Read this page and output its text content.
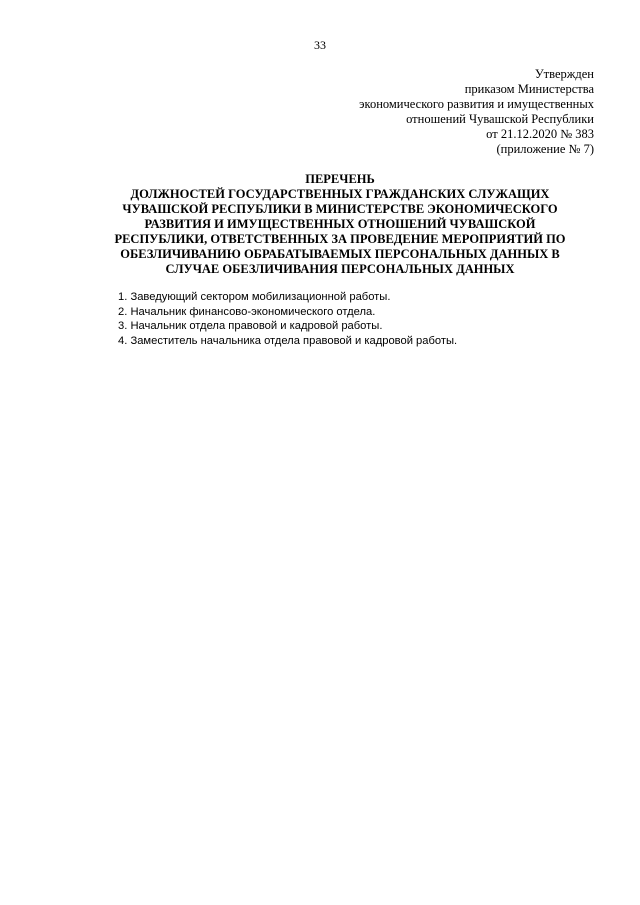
33
Утвержден
приказом Министерства
экономического развития и имущественных
отношений Чувашской Республики
от 21.12.2020 № 383
(приложение № 7)
ПЕРЕЧЕНЬ
ДОЛЖНОСТЕЙ ГОСУДАРСТВЕННЫХ ГРАЖДАНСКИХ СЛУЖАЩИХ
ЧУВАШСКОЙ РЕСПУБЛИКИ В МИНИСТЕРСТВЕ ЭКОНОМИЧЕСКОГО
РАЗВИТИЯ И ИМУЩЕСТВЕННЫХ ОТНОШЕНИЙ ЧУВАШСКОЙ
РЕСПУБЛИКИ, ОТВЕТСТВЕННЫХ ЗА ПРОВЕДЕНИЕ МЕРОПРИЯТИЙ ПО
ОБЕЗЛИЧИВАНИЮ ОБРАБАТЫВАЕМЫХ ПЕРСОНАЛЬНЫХ ДАННЫХ В
СЛУЧАЕ ОБЕЗЛИЧИВАНИЯ ПЕРСОНАЛЬНЫХ ДАННЫХ
1. Заведующий сектором мобилизационной работы.
2. Начальник финансово-экономического отдела.
3. Начальник отдела правовой и кадровой работы.
4. Заместитель начальника отдела правовой и кадровой работы.
